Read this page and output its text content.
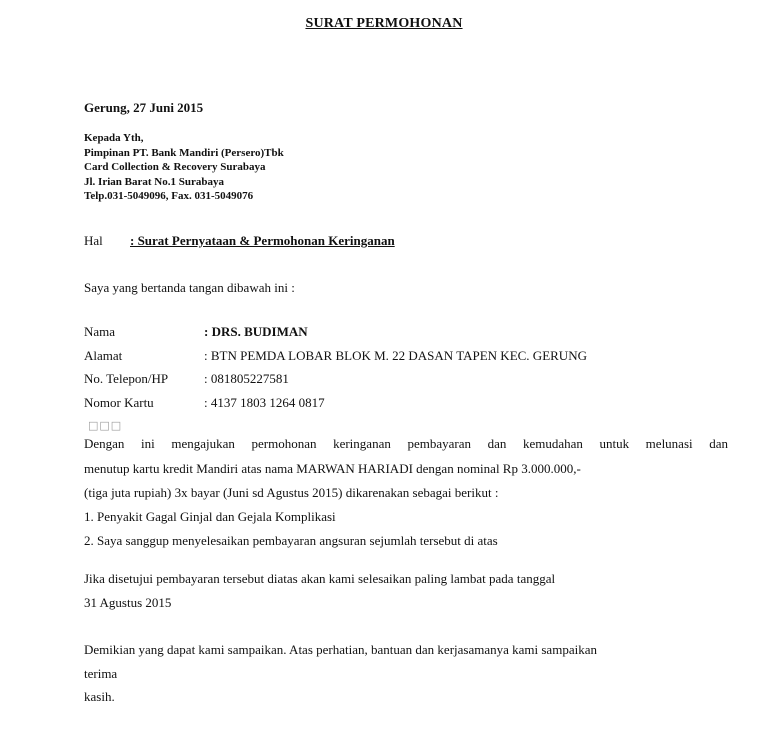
SURAT PERMOHONAN
Gerung, 27 Juni 2015
Kepada Yth,
Pimpinan PT. Bank Mandiri (Persero)Tbk
Card Collection & Recovery Surabaya
Jl. Irian Barat No.1 Surabaya
Telp.031-5049096, Fax. 031-5049076
Hal : Surat Pernyataan & Permohonan Keringanan
Saya yang bertanda tangan dibawah ini :
Nama	: DRS. BUDIMAN
Alamat	: BTN PEMDA LOBAR BLOK M. 22 DASAN TAPEN KEC. GERUNG
No. Telepon/HP	: 081805227581
Nomor Kartu	: 4137 1803 1264 0817
□□□
Dengan ini mengajukan permohonan keringanan pembayaran dan kemudahan untuk melunasi dan
menutup kartu kredit Mandiri atas nama MARWAN HARIADI dengan nominal Rp 3.000.000,-
(tiga juta rupiah) 3x bayar (Juni sd Agustus 2015) dikarenakan sebagai berikut :
1. Penyakit Gagal Ginjal dan Gejala Komplikasi
2. Saya sanggup menyelesaikan pembayaran angsuran sejumlah tersebut di atas
Jika disetujui pembayaran tersebut diatas akan kami selesaikan paling lambat pada tanggal
31 Agustus 2015
Demikian yang dapat kami sampaikan. Atas perhatian, bantuan dan kerjasamanya kami sampaikan
terima
kasih.
